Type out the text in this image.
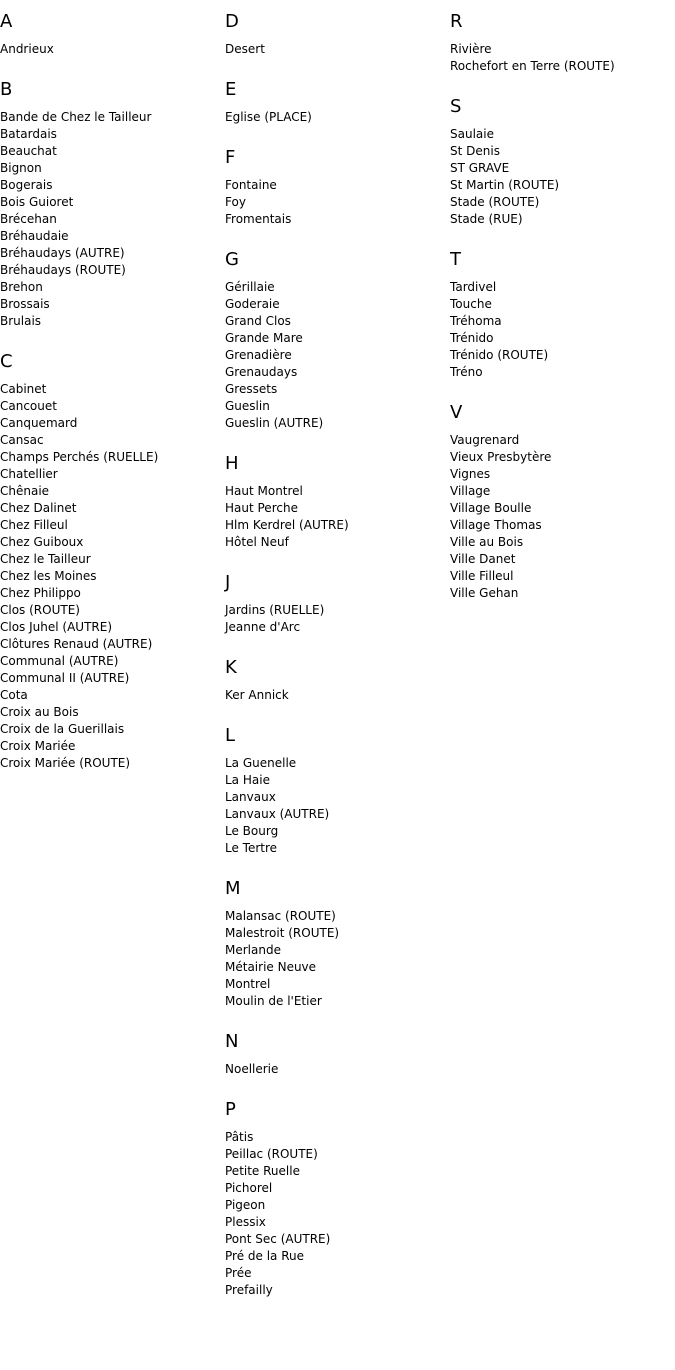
A
Andrieux
B
Bande de Chez le Tailleur
Batardais
Beauchat
Bignon
Bogerais
Bois Guioret
Brécehan
Bréhaudaie
Bréhaudays (AUTRE)
Bréhaudays (ROUTE)
Brehon
Brossais
Brulais
C
Cabinet
Cancouet
Canquemard
Cansac
Champs Perchés (RUELLE)
Chatellier
Chênaie
Chez Dalinet
Chez Filleul
Chez Guiboux
Chez le Tailleur
Chez les Moines
Chez Philippo
Clos (ROUTE)
Clos Juhel (AUTRE)
Clôtures Renaud (AUTRE)
Communal (AUTRE)
Communal II (AUTRE)
Cota
Croix au Bois
Croix de la Guerillais
Croix Mariée
Croix Mariée (ROUTE)
D
Desert
E
Eglise (PLACE)
F
Fontaine
Foy
Fromentais
G
Gérillaie
Goderaie
Grand Clos
Grande Mare
Grenadière
Grenaudays
Gressets
Gueslin
Gueslin (AUTRE)
H
Haut Montrel
Haut Perche
Hlm Kerdrel (AUTRE)
Hôtel Neuf
J
Jardins (RUELLE)
Jeanne d'Arc
K
Ker Annick
L
La Guenelle
La Haie
Lanvaux
Lanvaux (AUTRE)
Le Bourg
Le Tertre
M
Malansac (ROUTE)
Malestroit (ROUTE)
Merlande
Métairie Neuve
Montrel
Moulin de l'Etier
N
Noellerie
P
Pâtis
Peillac (ROUTE)
Petite Ruelle
Pichorel
Pigeon
Plessix
Pont Sec (AUTRE)
Pré de la Rue
Prée
Prefailly
R
Rivière
Rochefort en Terre (ROUTE)
S
Saulaie
St Denis
ST GRAVE
St Martin (ROUTE)
Stade (ROUTE)
Stade (RUE)
T
Tardivel
Touche
Tréhoma
Trénido
Trénido (ROUTE)
Tréno
V
Vaugrenard
Vieux Presbytère
Vignes
Village
Village Boulle
Village Thomas
Ville au Bois
Ville Danet
Ville Filleul
Ville Gehan
